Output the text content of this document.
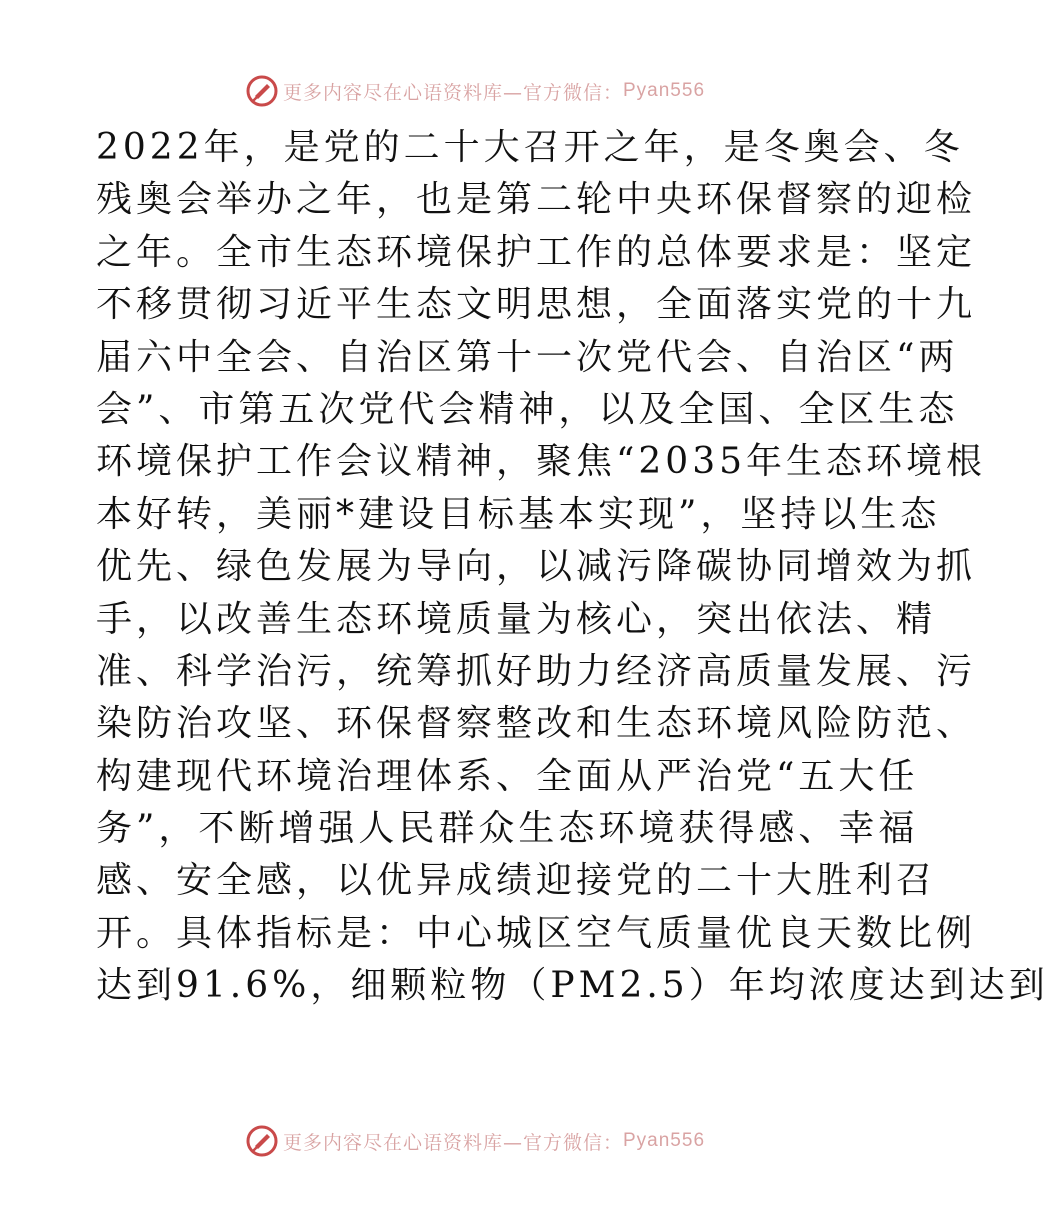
更多内容尽在心语资料库—官方微信： Pyan556
2022年，是党的二十大召开之年，是冬奥会、冬
残奥会举办之年，也是第二轮中央环保督察的迎检
之年。全市生态环境保护工作的总体要求是：坚定
不移贯彻习近平生态文明思想，全面落实党的十九
届六中全会、自治区第十一次党代会、自治区“两
会”、市第五次党代会精神，以及全国、全区生态
环境保护工作会议精神，聚焦“2035年生态环境根
本好转，美丽*建设目标基本实现”，坚持以生态
优先、绿色发展为导向，以减污降碳协同增效为抓
手，以改善生态环境质量为核心，突出依法、精
准、科学治污，统筹抓好助力经济高质量发展、污
染防治攻坚、环保督察整改和生态环境风险防范、
构建现代环境治理体系、全面从严治党“五大任
务”，不断增强人民群众生态环境获得感、幸福
感、安全感，以优异成绩迎接党的二十大胜利召
开。具体指标是：中心城区空气质量优良天数比例
达到91.6%，细颗粒物（PM2.5）年均浓度达到达到
更多内容尽在心语资料库—官方微信： Pyan556
